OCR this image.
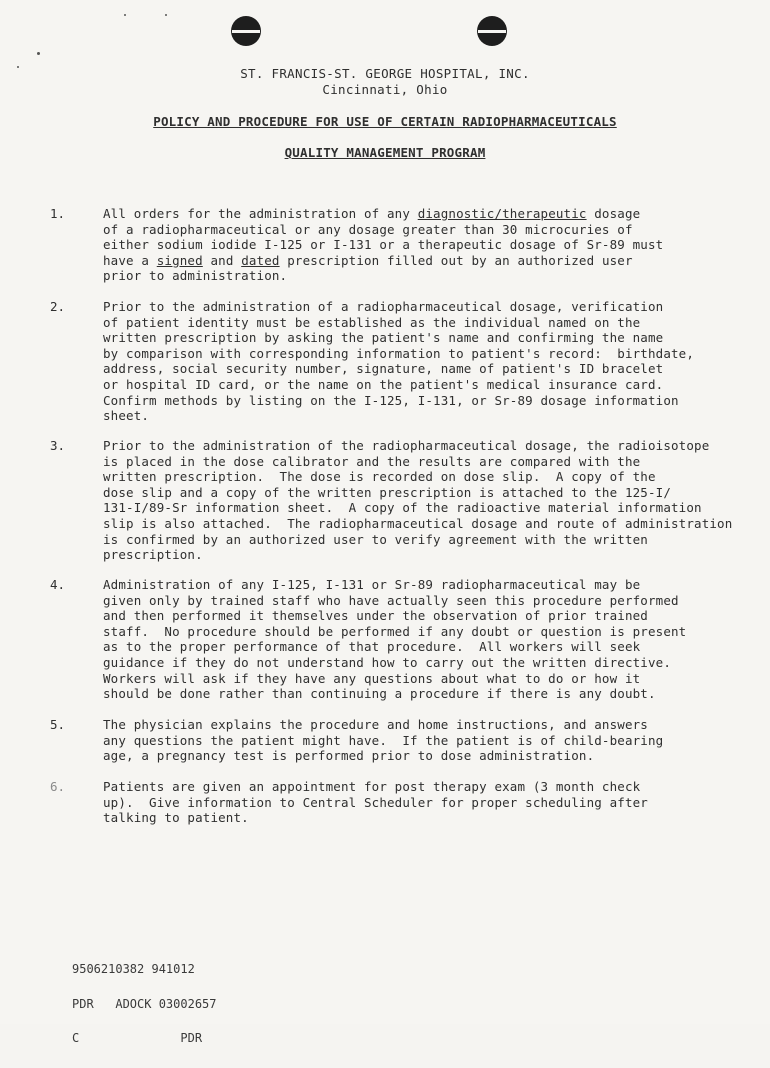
ST. FRANCIS-ST. GEORGE HOSPITAL, INC.
Cincinnati, Ohio
POLICY AND PROCEDURE FOR USE OF CERTAIN RADIOPHARMACEUTICALS
QUALITY MANAGEMENT PROGRAM
1.	All orders for the administration of any diagnostic/therapeutic dosage
of a radiopharmaceutical or any dosage greater than 30 microcuries of
either sodium iodide I-125 or I-131 or a therapeutic dosage of Sr-89 must
have a signed and dated prescription filled out by an authorized user
prior to administration.
2.	Prior to the administration of a radiopharmaceutical dosage, verification
of patient identity must be established as the individual named on the
written prescription by asking the patient's name and confirming the name
by comparison with corresponding information to patient's record:  birthdate,
address, social security number, signature, name of patient's ID bracelet
or hospital ID card, or the name on the patient's medical insurance card.
Confirm methods by listing on the I-125, I-131, or Sr-89 dosage information
sheet.
3.	Prior to the administration of the radiopharmaceutical dosage, the radioisotope
is placed in the dose calibrator and the results are compared with the
written prescription.  The dose is recorded on dose slip.  A copy of the
dose slip and a copy of the written prescription is attached to the 125-I/
131-I/89-Sr information sheet.  A copy of the radioactive material information
slip is also attached.  The radiopharmaceutical dosage and route of administration
is confirmed by an authorized user to verify agreement with the written
prescription.
4.	Administration of any I-125, I-131 or Sr-89 radiopharmaceutical may be
given only by trained staff who have actually seen this procedure performed
and then performed it themselves under the observation of prior trained
staff.  No procedure should be performed if any doubt or question is present
as to the proper performance of that procedure.  All workers will seek
guidance if they do not understand how to carry out the written directive.
Workers will ask if they have any questions about what to do or how it
should be done rather than continuing a procedure if there is any doubt.
5.	The physician explains the procedure and home instructions, and answers
any questions the patient might have.  If the patient is of child-bearing
age, a pregnancy test is performed prior to dose administration.
6.	Patients are given an appointment for post therapy exam (3 month check
up).  Give information to Central Scheduler for proper scheduling after
talking to patient.

9506210382 941012

PDR   ADOCK 03002657

C              PDR
